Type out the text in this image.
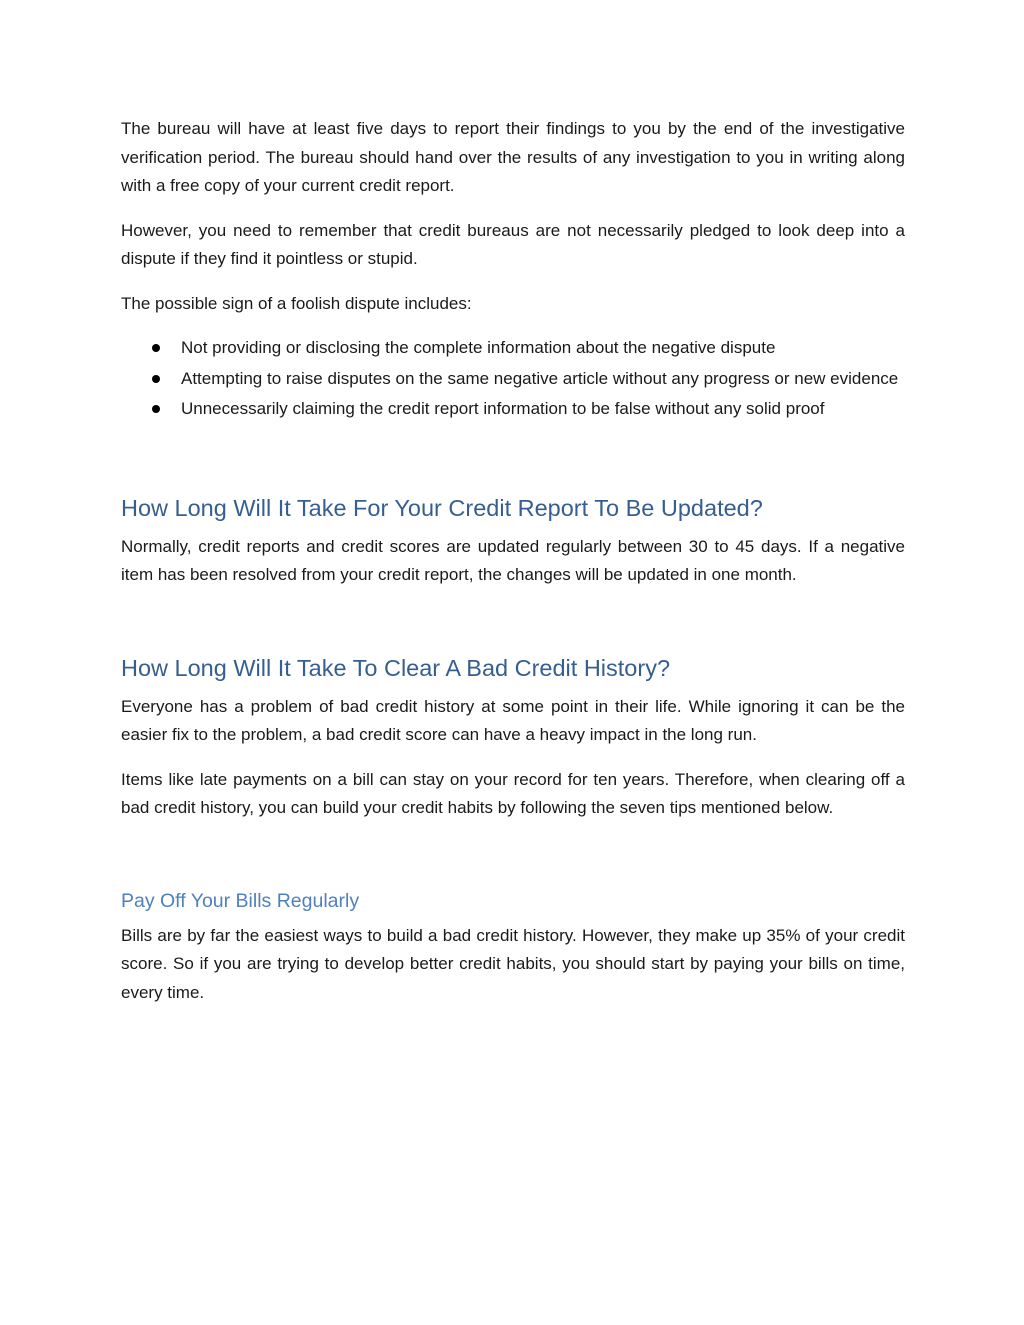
The bureau will have at least five days to report their findings to you by the end of the investigative verification period. The bureau should hand over the results of any investigation to you in writing along with a free copy of your current credit report.

However, you need to remember that credit bureaus are not necessarily pledged to look deep into a dispute if they find it pointless or stupid.

The possible sign of a foolish dispute includes:

Not providing or disclosing the complete information about the negative dispute
Attempting to raise disputes on the same negative article without any progress or new evidence
Unnecessarily claiming the credit report information to be false without any solid proof
How Long Will It Take For Your Credit Report To Be Updated?

Normally, credit reports and credit scores are updated regularly between 30 to 45 days. If a negative item has been resolved from your credit report, the changes will be updated in one month.

How Long Will It Take To Clear A Bad Credit History?

Everyone has a problem of bad credit history at some point in their life. While ignoring it can be the easier fix to the problem, a bad credit score can have a heavy impact in the long run.

Items like late payments on a bill can stay on your record for ten years. Therefore, when clearing off a bad credit history, you can build your credit habits by following the seven tips mentioned below.

Pay Off Your Bills Regularly

Bills are by far the easiest ways to build a bad credit history. However, they make up 35% of your credit score. So if you are trying to develop better credit habits, you should start by paying your bills on time, every time.
